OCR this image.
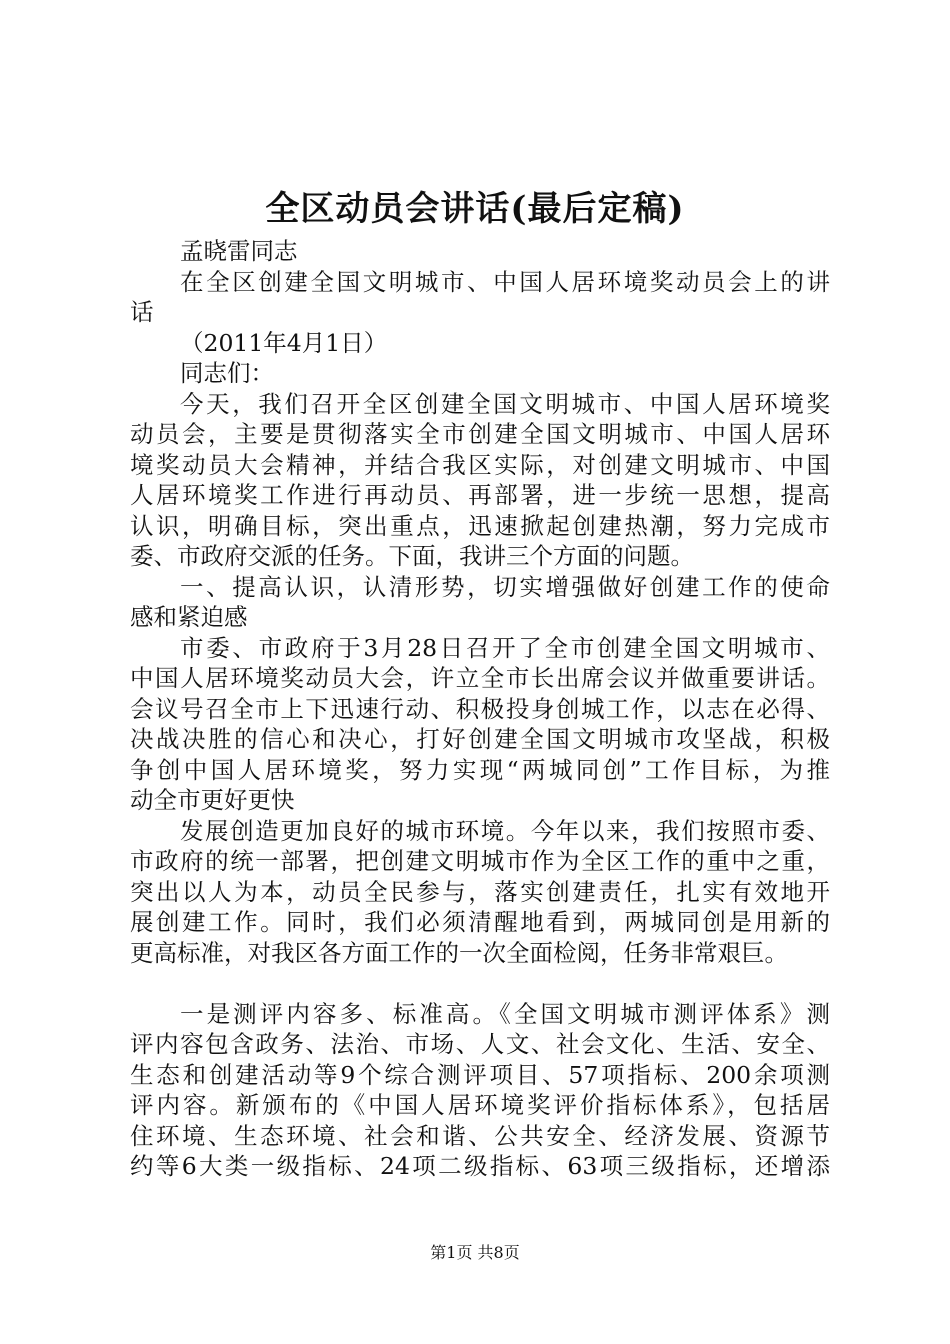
全区动员会讲话(最后定稿)
孟晓雷同志
在全区创建全国文明城市、中国人居环境奖动员会上的讲
话
（2011年4月1日）
同志们：
今天，我们召开全区创建全国文明城市、中国人居环境奖
动员会，主要是贯彻落实全市创建全国文明城市、中国人居环
境奖动员大会精神，并结合我区实际，对创建文明城市、中国
人居环境奖工作进行再动员、再部署，进一步统一思想，提高
认识，明确目标，突出重点，迅速掀起创建热潮，努力完成市
委、市政府交派的任务。下面，我讲三个方面的问题。
一、提高认识，认清形势，切实增强做好创建工作的使命
感和紧迫感
市委、市政府于3月28日召开了全市创建全国文明城市、
中国人居环境奖动员大会，许立全市长出席会议并做重要讲话。
会议号召全市上下迅速行动、积极投身创城工作，以志在必得、
决战决胜的信心和决心，打好创建全国文明城市攻坚战，积极
争创中国人居环境奖，努力实现“两城同创”工作目标，为推
动全市更好更快
发展创造更加良好的城市环境。今年以来，我们按照市委、
市政府的统一部署，把创建文明城市作为全区工作的重中之重，
突出以人为本，动员全民参与，落实创建责任，扎实有效地开
展创建工作。同时，我们必须清醒地看到，两城同创是用新的
更高标准，对我区各方面工作的一次全面检阅，任务非常艰巨。
一是测评内容多、标准高。《全国文明城市测评体系》测
评内容包含政务、法治、市场、人文、社会文化、生活、安全、
生态和创建活动等9个综合测评项目、57项指标、200余项测
评内容。新颁布的《中国人居环境奖评价指标体系》，包括居
住环境、生态环境、社会和谐、公共安全、经济发展、资源节
约等6大类一级指标、24项二级指标、63项三级指标，还增添
第1页 共8页
